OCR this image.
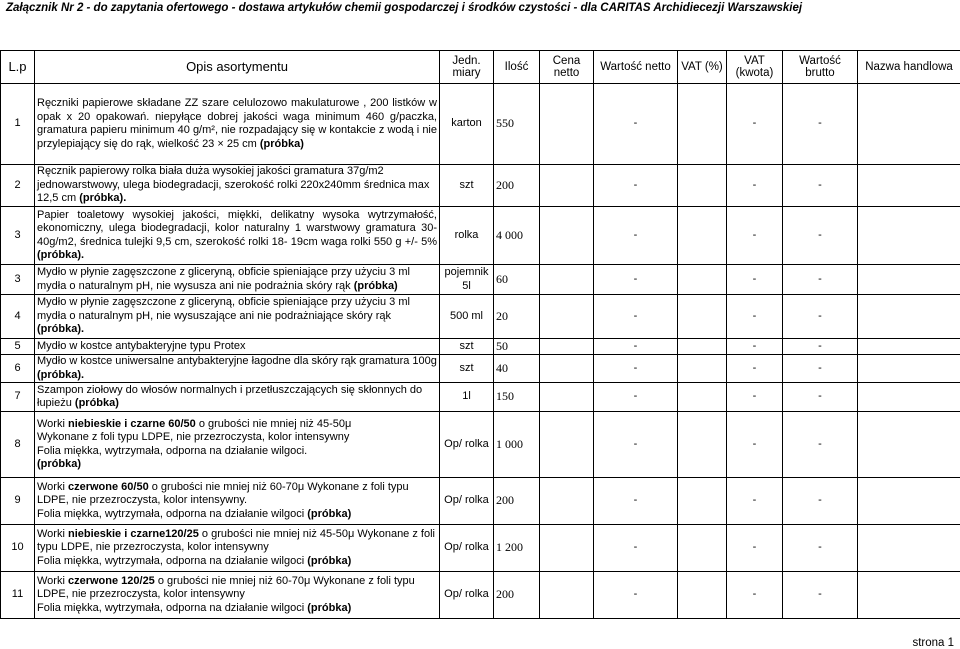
Załącznik Nr 2 - do zapytania ofertowego - dostawa artykułów chemii gospodarczej i środków czystości - dla CARITAS Archidiecezji Warszawskiej
L.p	Opis asortymentu	Jedn. miary	Ilość	Cena netto	Wartość netto	VAT (%)	VAT (kwota)	Wartość brutto	Nazwa handlowa
1	Ręczniki papierowe składane ZZ szare celulozowo makulaturowe , 200 listków w opak x 20 opakowań. niepyłące dobrej jakości waga minimum 460 g/paczka, gramatura papieru minimum 40 g/m², nie rozpadający się w kontakcie z wodą i nie przylepiający się do rąk, wielkość 23 × 25 cm (próbka)	karton	550		-		-	-	
2	Ręcznik papierowy rolka biała duża wysokiej jakości gramatura 37g/m2 jednowarstwowy, ulega biodegradacji, szerokość rolki 220x240mm średnica max 12,5 cm (próbka).	szt	200		-		-	-	
3	Papier toaletowy wysokiej jakości, miękki, delikatny wysoka wytrzymałość, ekonomiczny, ulega biodegradacji, kolor naturalny 1 warstwowy gramatura 30-40g/m2, średnica tulejki 9,5 cm, szerokość rolki 18- 19cm waga rolki 550 g +/- 5% (próbka).	rolka	4 000		-		-	-	
3	Mydło w płynie zagęszczone z gliceryną, obficie spieniające przy użyciu 3 ml mydła o naturalnym pH, nie wysusza ani nie podrażnia skóry rąk (próbka)	pojemnik 5l	60		-		-	-	
4	Mydło w płynie zagęszczone z gliceryną, obficie spieniające przy użyciu 3 ml mydła o naturalnym pH, nie wysuszające ani nie podrażniające skóry rąk (próbka).	500 ml	20		-		-	-	
5	Mydło w kostce antybakteryjne typu Protex	szt	50		-		-	-	
6	Mydło w kostce uniwersalne antybakteryjne łagodne dla skóry rąk gramatura 100g (próbka).	szt	40		-		-	-	
7	Szampon ziołowy do włosów normalnych i przetłuszczających się skłonnych do łupieżu (próbka)	1l	150		-		-	-	
8	Worki niebieskie i czarne 60/50 o grubości nie mniej niż 45-50μ
Wykonane z foli typu LDPE, nie przezroczysta, kolor intensywny
Folia miękka, wytrzymała, odporna na działanie wilgoci.
(próbka)	Op/ rolka	1 000		-		-	-	
9	Worki czerwone 60/50 o grubości nie mniej niż 60-70μ Wykonane z foli typu LDPE, nie przezroczysta, kolor intensywny.
Folia miękka, wytrzymała, odporna na działanie wilgoci (próbka)	Op/ rolka	200		-		-	-	
10	Worki niebieskie i czarne120/25 o grubości nie mniej niż 45-50μ Wykonane z foli typu LDPE, nie przezroczysta, kolor intensywny
Folia miękka, wytrzymała, odporna na działanie wilgoci (próbka)	Op/ rolka	1 200		-		-	-	
11	Worki czerwone 120/25 o grubości nie mniej niż 60-70μ Wykonane z foli typu LDPE, nie przezroczysta, kolor intensywny
Folia miękka, wytrzymała, odporna na działanie wilgoci (próbka)	Op/ rolka	200		-		-	-	
strona 1
